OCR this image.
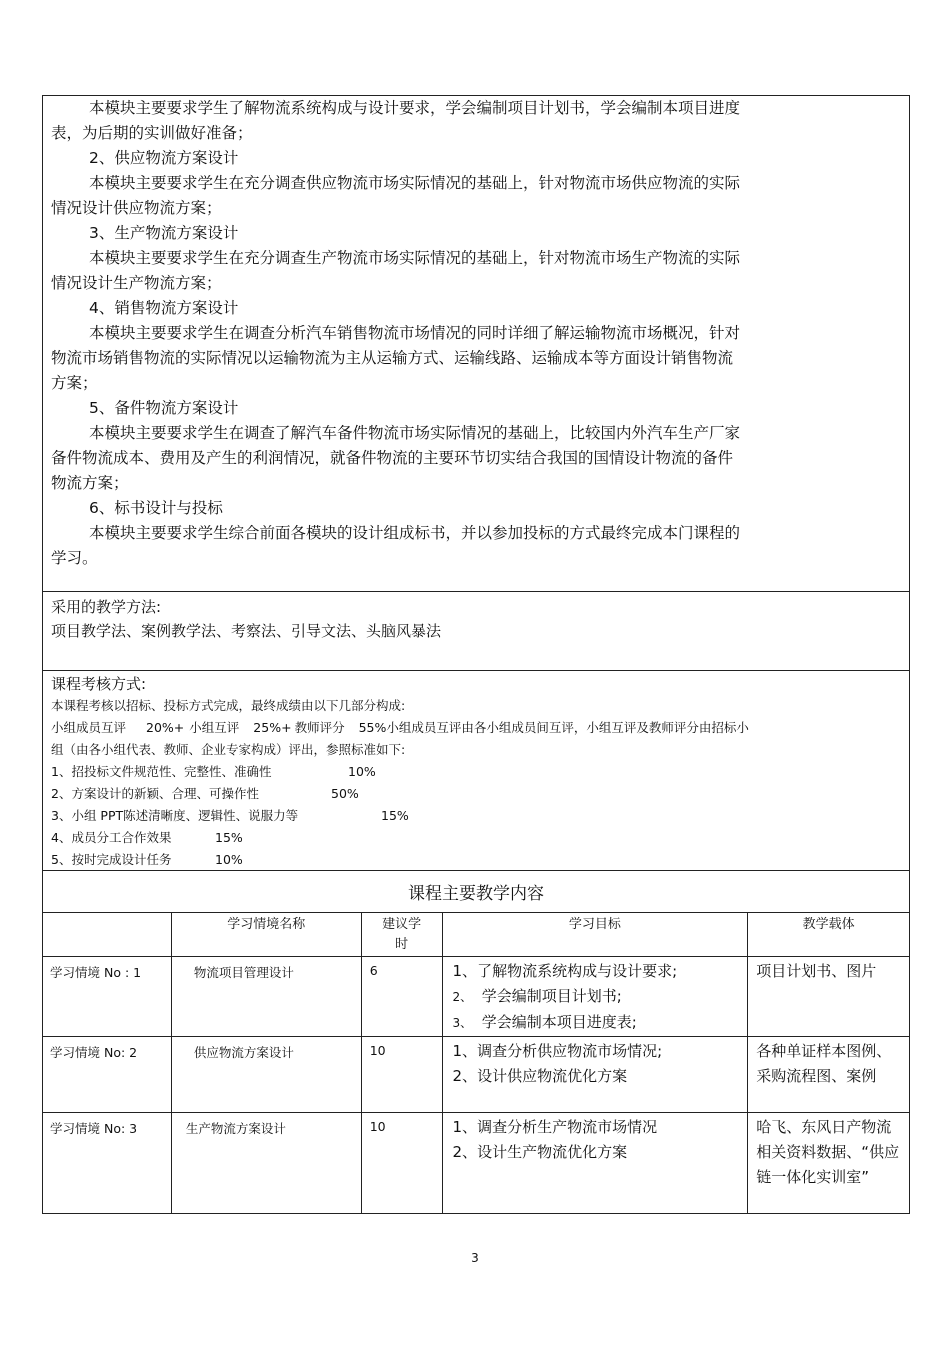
本模块主要要求学生了解物流系统构成与设计要求，学会编制项目计划书，学会编制本项目进度
表，为后期的实训做好准备；
2、供应物流方案设计
本模块主要要求学生在充分调查供应物流市场实际情况的基础上，针对物流市场供应物流的实际
情况设计供应物流方案；
3、生产物流方案设计
本模块主要要求学生在充分调查生产物流市场实际情况的基础上，针对物流市场生产物流的实际
情况设计生产物流方案；
4、销售物流方案设计
本模块主要要求学生在调查分析汽车销售物流市场情况的同时详细了解运输物流市场概况，针对
物流市场销售物流的实际情况以运输物流为主从运输方式、运输线路、运输成本等方面设计销售物流
方案；
5、备件物流方案设计
本模块主要要求学生在调查了解汽车备件物流市场实际情况的基础上，比较国内外汽车生产厂家
备件物流成本、费用及产生的利润情况，就备件物流的主要环节切实结合我国的国情设计物流的备件
物流方案；
6、标书设计与投标
本模块主要要求学生综合前面各模块的设计组成标书，并以参加投标的方式最终完成本门课程的
学习。
采用的教学方法:
项目教学法、案例教学法、考察法、引导文法、头脑风暴法
课程考核方式:
本课程考核以招标、投标方式完成，最终成绩由以下几部分构成:
小组成员互评 20%+ 小组互评 25%+ 教师评分 55%小组成员互评由各小组成员间互评，小组互评及教师评分由招标小
组（由各小组代表、教师、企业专家构成）评出，参照标准如下:
1、招投标文件规范性、完整性、准确性	10%
2、方案设计的新颖、合理、可操作性	50%
3、小组 PPT陈述清晰度、逻辑性、说服力等	15%
4、成员分工合作效果	15%
5、按时完成设计任务	10%
课程主要教学内容				
	学习情境名称	建议学
时	学习目标	教学载体
学习情境 No : 1	物流项目管理设计	6	1、了解物流系统构成与设计要求;
2、 学会编制项目计划书;
3、 学会编制本项目进度表;	项目计划书、图片
学习情境 No: 2	供应物流方案设计	10	1、调查分析供应物流市场情况;
2、设计供应物流优化方案	各种单证样本图例、采购流程图、案例
学习情境 No: 3	生产物流方案设计	10	1、调查分析生产物流市场情况
2、设计生产物流优化方案	哈飞、东风日产物流相关资料数据、“供应链一体化实训室”
3
